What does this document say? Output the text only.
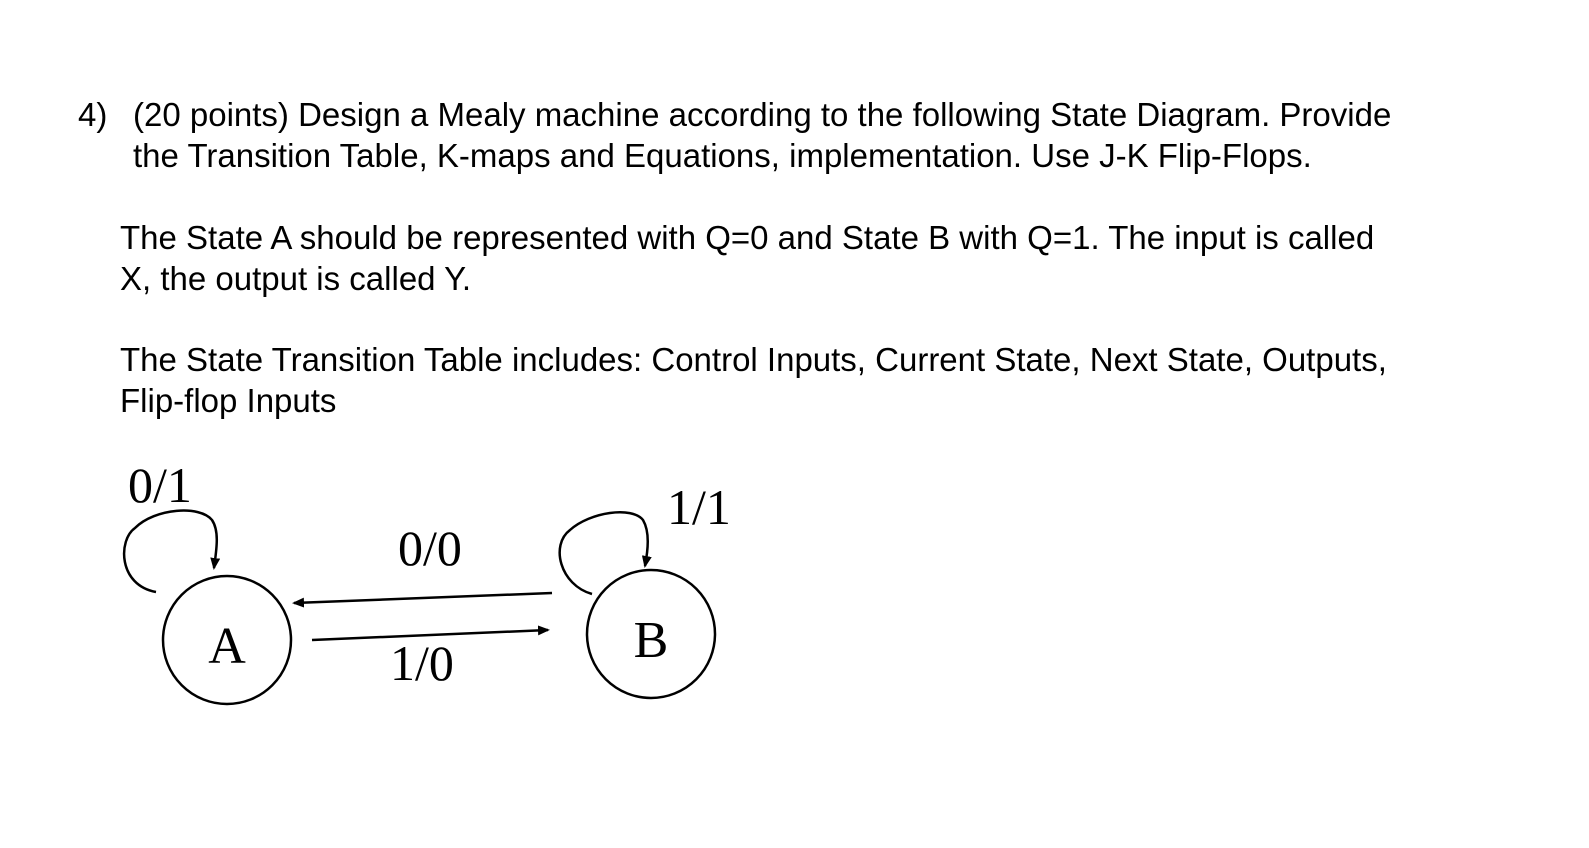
4) (20 points) Design a Mealy machine according to the following State Diagram. Provide

the Transition Table, K-maps and Equations, implementation. Use J-K Flip-Flops.

The State A should be represented with Q=0 and State B with Q=1. The input is called

X, the output is called Y.

The State Transition Table includes: Control Inputs, Current State, Next State, Outputs,

Flip-flop Inputs

A	B
0/1
0/0
1/0
1/1
